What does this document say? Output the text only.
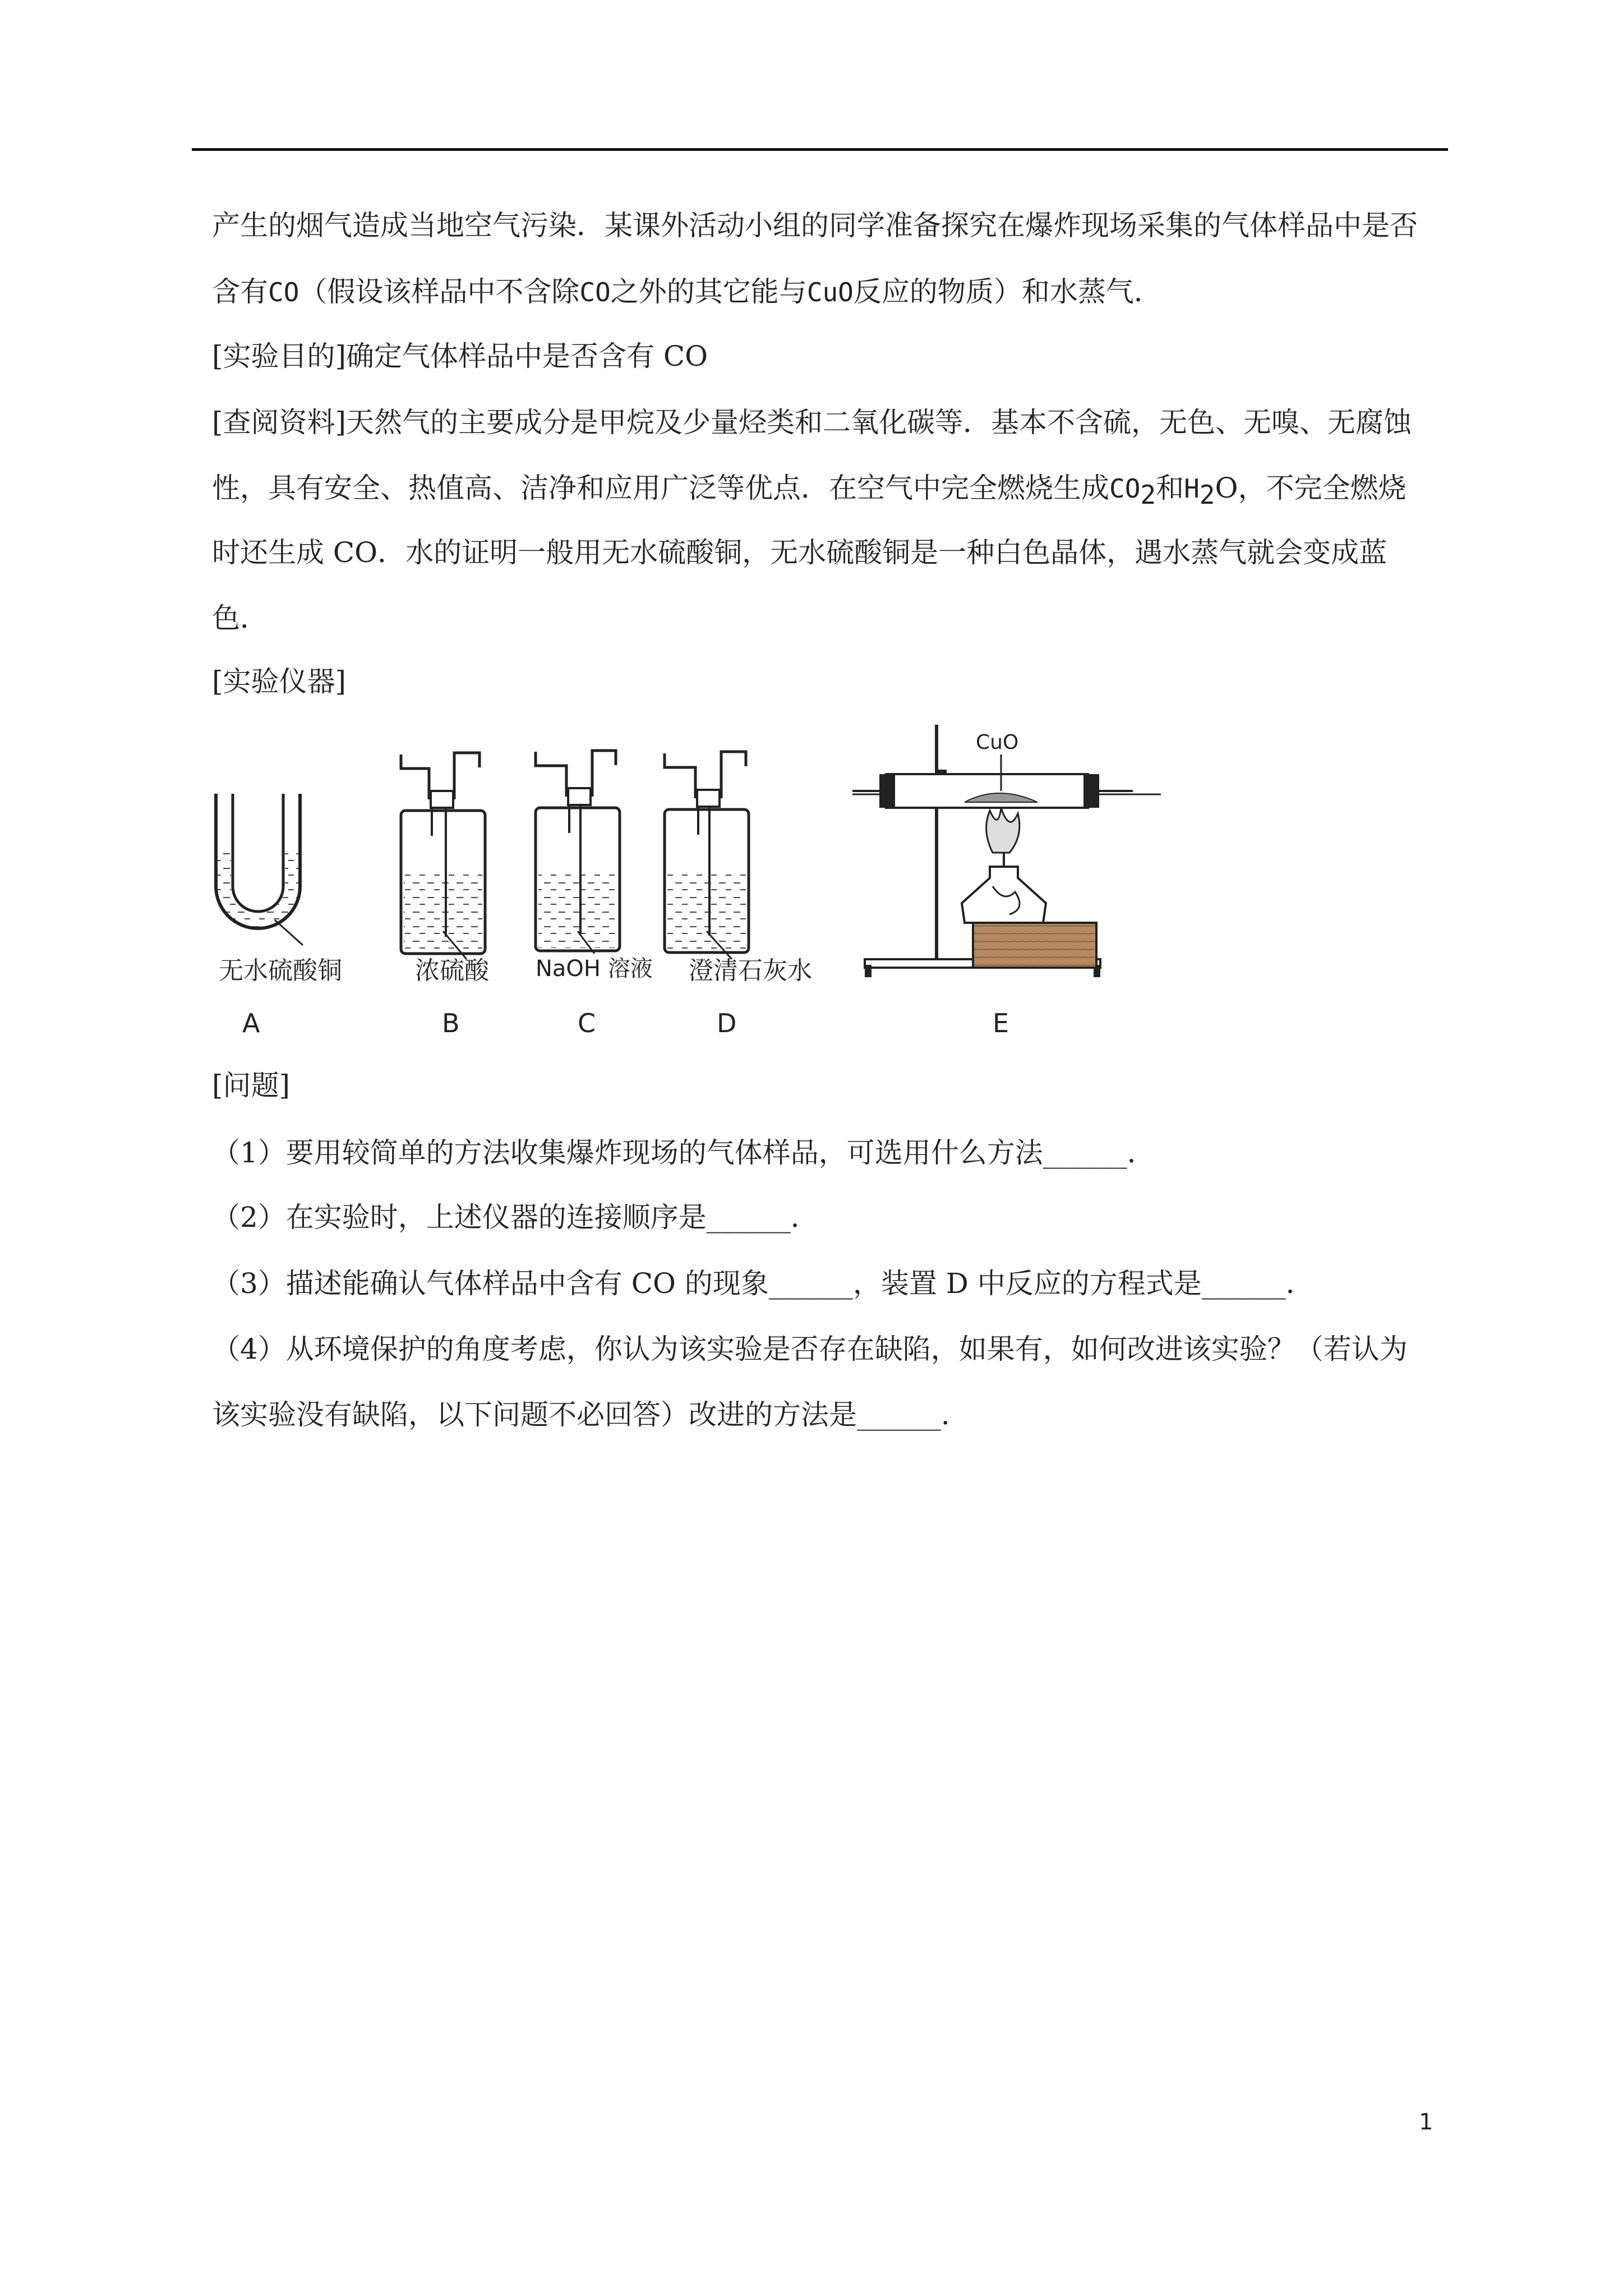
产生的烟气造成当地空气污染．某课外活动小组的同学准备探究在爆炸现场采集的气体样品中是否
含有CO（假设该样品中不含除CO之外的其它能与CuO反应的物质）和水蒸气．
[实验目的]确定气体样品中是否含有 CO
[查阅资料]天然气的主要成分是甲烷及少量烃类和二氧化碳等．基本不含硫，无色、无嗅、无腐蚀
性，具有安全、热值高、洁净和应用广泛等优点．在空气中完全燃烧生成$CO_2$和$H_2O$，不完全燃烧
时还生成 CO．水的证明一般用无水硫酸铜，无水硫酸铜是一种白色晶体，遇水蒸气就会变成蓝
色．
[实验仪器]
无水硫酸铜
A
浓硫酸
B
NaOH 溶液
C
澄清石灰水
D
CuO
E
[问题]
（1）要用较简单的方法收集爆炸现场的气体样品，可选用什么方法______．
（2）在实验时，上述仪器的连接顺序是______．
（3）描述能确认气体样品中含有 CO 的现象______，装置 D 中反应的方程式是______．
（4）从环境保护的角度考虑，你认为该实验是否存在缺陷，如果有，如何改进该实验？（若认为
该实验没有缺陷，以下问题不必回答）改进的方法是______．
1
